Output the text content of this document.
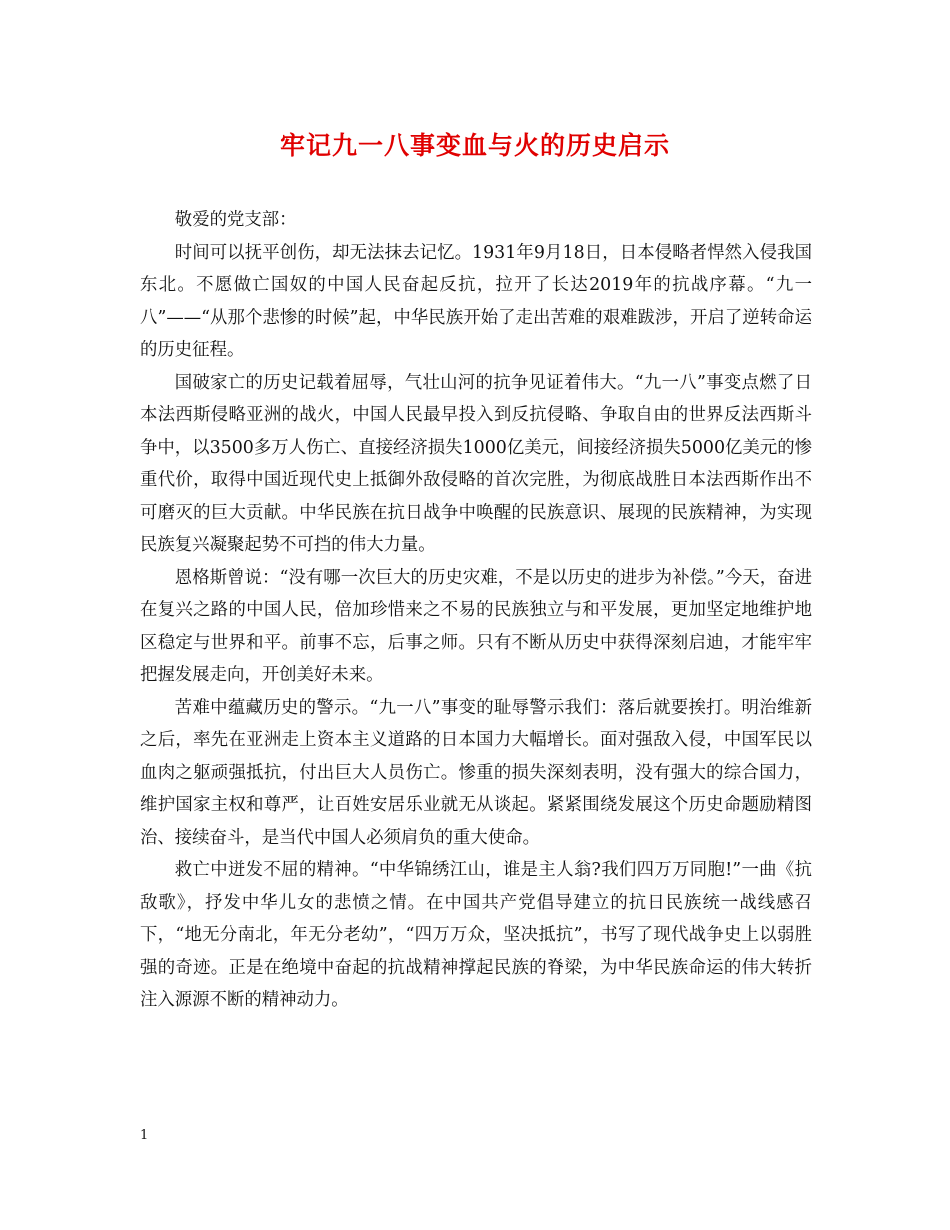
牢记九一八事变血与火的历史启示

敬爱的党支部：

时间可以抚平创伤，却无法抹去记忆。1931年9月18日，日本侵略者悍然入侵我国东北。不愿做亡国奴的中国人民奋起反抗，拉开了长达2019年的抗战序幕。“九一八”——“从那个悲惨的时候”起，中华民族开始了走出苦难的艰难跋涉，开启了逆转命运的历史征程。

国破家亡的历史记载着屈辱，气壮山河的抗争见证着伟大。“九一八”事变点燃了日本法西斯侵略亚洲的战火，中国人民最早投入到反抗侵略、争取自由的世界反法西斯斗争中，以3500多万人伤亡、直接经济损失1000亿美元，间接经济损失5000亿美元的惨重代价，取得中国近现代史上抵御外敌侵略的首次完胜，为彻底战胜日本法西斯作出不可磨灭的巨大贡献。中华民族在抗日战争中唤醒的民族意识、展现的民族精神，为实现民族复兴凝聚起势不可挡的伟大力量。

恩格斯曾说：“没有哪一次巨大的历史灾难，不是以历史的进步为补偿。”今天，奋进在复兴之路的中国人民，倍加珍惜来之不易的民族独立与和平发展，更加坚定地维护地区稳定与世界和平。前事不忘，后事之师。只有不断从历史中获得深刻启迪，才能牢牢把握发展走向，开创美好未来。

苦难中蕴藏历史的警示。“九一八”事变的耻辱警示我们：落后就要挨打。明治维新之后，率先在亚洲走上资本主义道路的日本国力大幅增长。面对强敌入侵，中国军民以血肉之躯顽强抵抗，付出巨大人员伤亡。惨重的损失深刻表明，没有强大的综合国力，维护国家主权和尊严，让百姓安居乐业就无从谈起。紧紧围绕发展这个历史命题励精图治、接续奋斗，是当代中国人必须肩负的重大使命。

救亡中迸发不屈的精神。“中华锦绣江山，谁是主人翁?我们四万万同胞!”一曲《抗敌歌》，抒发中华儿女的悲愤之情。在中国共产党倡导建立的抗日民族统一战线感召下，“地无分南北，年无分老幼”，“四万万众，坚决抵抗”，书写了现代战争史上以弱胜强的奇迹。正是在绝境中奋起的抗战精神撑起民族的脊梁，为中华民族命运的伟大转折注入源源不断的精神动力。

1
